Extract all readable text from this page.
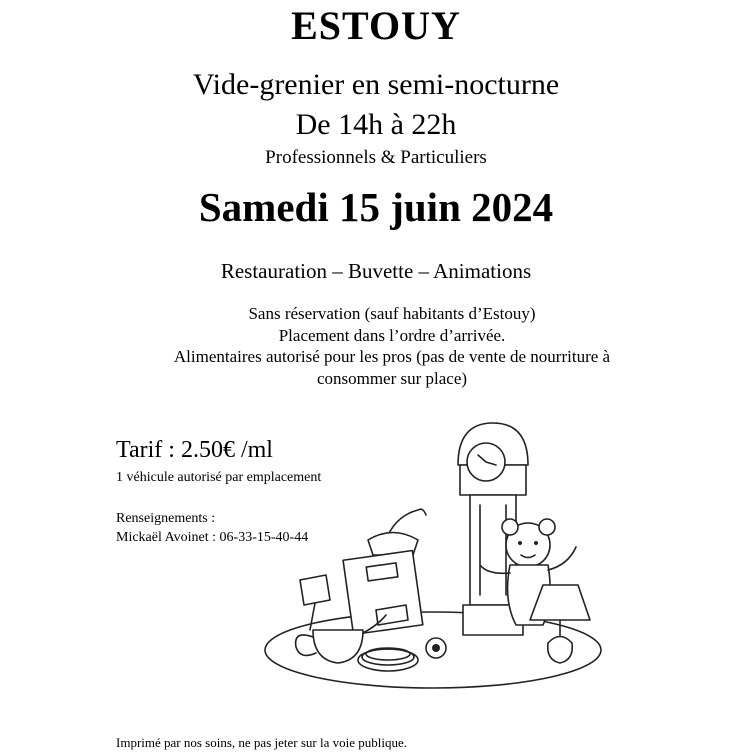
ESTOUY
Vide-grenier en semi-nocturne
De 14h à 22h
Professionnels & Particuliers
Samedi 15 juin 2024
Restauration – Buvette – Animations
Sans réservation (sauf habitants d’Estouy)
Placement dans l’ordre d’arrivée.
Alimentaires autorisé pour les pros (pas de vente de nourriture à
consommer sur place)
Tarif : 2.50€ /ml
1 véhicule autorisé par emplacement
Renseignements :
Mickaël Avoinet : 06-33-15-40-44
Imprimé par nos soins, ne pas jeter sur la voie publique.
